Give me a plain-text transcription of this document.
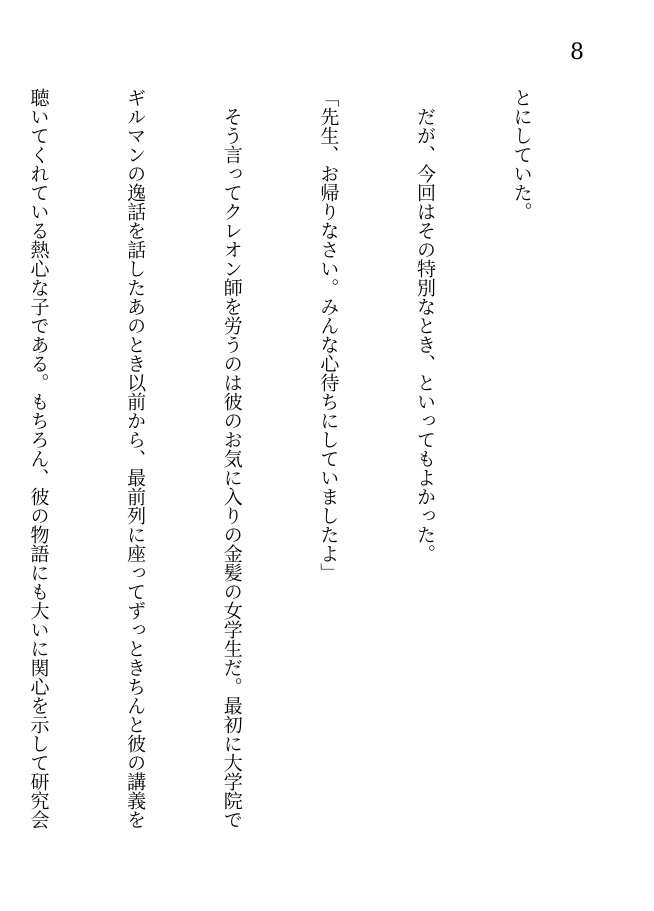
8

とにしていた。

　だが、今回はその特別なとき、といってもよかった。

「先生、お帰りなさい。みんな心待ちにしていましたよ」

　そう言ってクレオン師を労うのは彼のお気に入りの金髪の女学生だ。最初に大学院で

ギルマンの逸話を話したあのとき以前から、最前列に座ってずっときちんと彼の講義を

聴いてくれている熱心な子である。もちろん、彼の物語にも大いに関心を示して研究会
